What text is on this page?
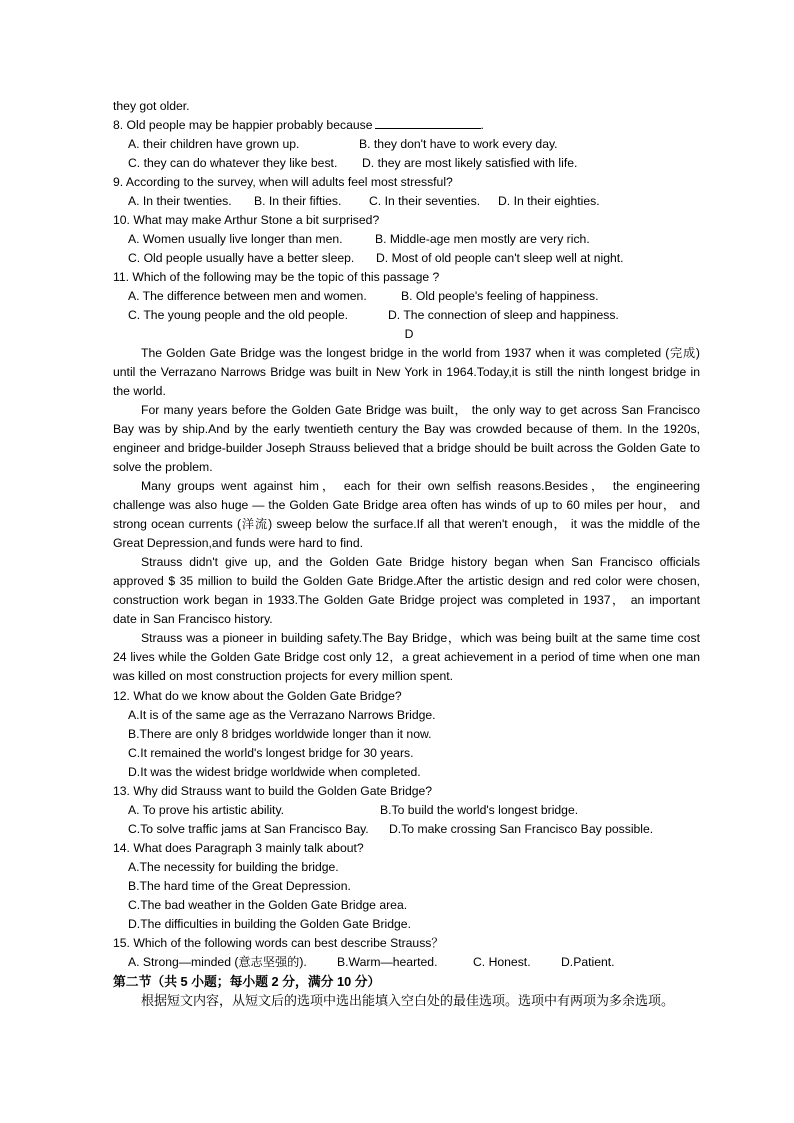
they got older.
8. Old people may be happier probably because	.
A. their children have grown up.	B. they don't have to work every day.
C. they can do whatever they like best. D. they are most likely satisfied with life.
9. According to the survey, when will adults feel most stressful?
A. In their twenties. B. In their fifties. C. In their seventies. D. In their eighties.
10. What may make Arthur Stone a bit surprised?
A. Women usually live longer than men.	B. Middle-age men mostly are very rich.
C. Old people usually have a better sleep. D. Most of old people can't sleep well at night.
11. Which of the following may be the topic of this passage ?
A. The difference between men and women.	B. Old people's feeling of happiness.
C. The young people and the old people.	D. The connection of sleep and happiness.
D
The Golden Gate Bridge was the longest bridge in the world from 1937 when it was completed (完成) until the Verrazano Narrows Bridge was built in New York in 1964.Today,it is still the ninth longest bridge in the world.
For many years before the Golden Gate Bridge was built， the only way to get across San Francisco Bay was by ship.And by the early twentieth century the Bay was crowded because of them. In the 1920s, engineer and bridge-builder Joseph Strauss believed that a bridge should be built across the Golden Gate to solve the problem.
Many groups went against him， each for their own selfish reasons.Besides， the engineering challenge was also huge — the Golden Gate Bridge area often has winds of up to 60 miles per hour， and strong ocean currents (洋流) sweep below the surface.If all that weren't enough， it was the middle of the Great Depression,and funds were hard to find.
Strauss didn't give up, and the Golden Gate Bridge history began when San Francisco officials approved $ 35 million to build the Golden Gate Bridge.After the artistic design and red color were chosen, construction work began in 1933.The Golden Gate Bridge project was completed in 1937， an important date in San Francisco history.
Strauss was a pioneer in building safety.The Bay Bridge，which was being built at the same time cost 24 lives while the Golden Gate Bridge cost only 12，a great achievement in a period of time when one man was killed on most construction projects for every million spent.
12. What do we know about the Golden Gate Bridge?
A.It is of the same age as the Verrazano Narrows Bridge.
B.There are only 8 bridges worldwide longer than it now.
C.It remained the world's longest bridge for 30 years.
D.It was the widest bridge worldwide when completed.
13. Why did Strauss want to build the Golden Gate Bridge?
A. To prove his artistic ability.	B.To build the world's longest bridge.
C.To solve traffic jams at San Francisco Bay. D.To make crossing San Francisco Bay possible.
14. What does Paragraph 3 mainly talk about?
A.The necessity for building the bridge.
B.The hard time of the Great Depression.
C.The bad weather in the Golden Gate Bridge area.
D.The difficulties in building the Golden Gate Bridge.
15. Which of the following words can best describe Strauss？
A. Strong—minded (意志坚强的). B.Warm—hearted.	C. Honest. D.Patient.
第二节（共 5 小题；每小题 2 分，满分 10 分）
根据短文内容，从短文后的选项中选出能填入空白处的最佳选项。选项中有两项为多余选项。
